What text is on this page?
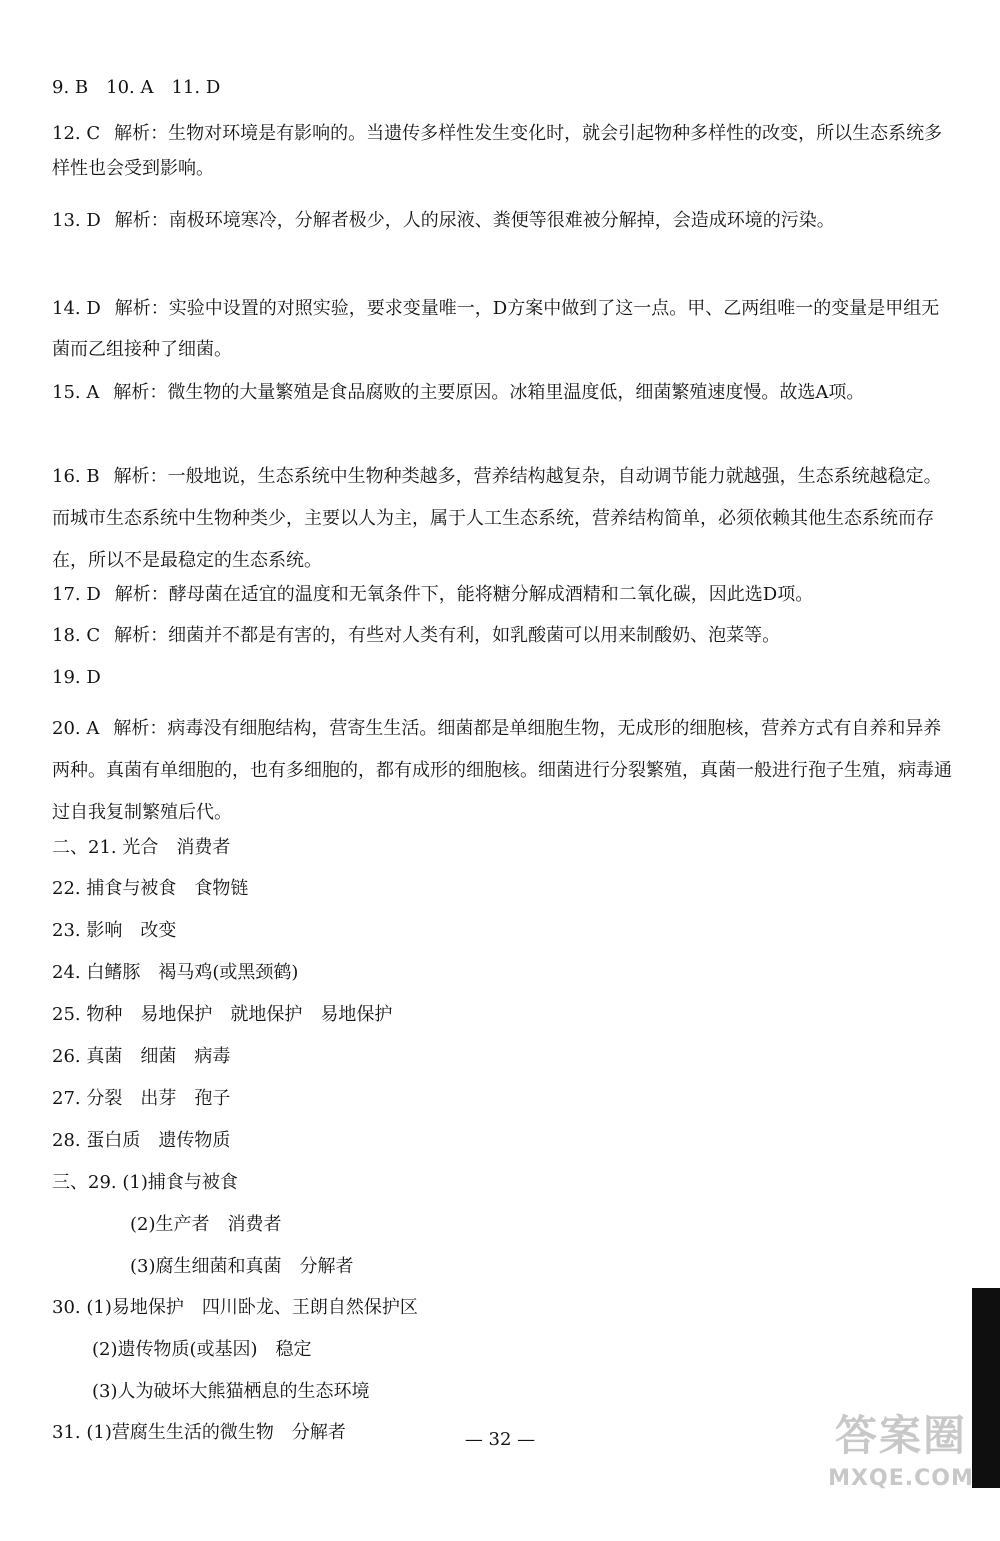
9. B　10. A　11. D
12. C 解析：生物对环境是有影响的。当遗传多样性发生变化时，就会引起物种多样性的改变，所以生态系统多样性也会受到影响。
13. D 解析：南极环境寒冷，分解者极少，人的尿液、粪便等很难被分解掉，会造成环境的污染。
14. D 解析：实验中设置的对照实验，要求变量唯一，D方案中做到了这一点。甲、乙两组唯一的变量是甲组无菌而乙组接种了细菌。
15. A 解析：微生物的大量繁殖是食品腐败的主要原因。冰箱里温度低，细菌繁殖速度慢。故选A项。
16. B 解析：一般地说，生态系统中生物种类越多，营养结构越复杂，自动调节能力就越强，生态系统越稳定。而城市生态系统中生物种类少，主要以人为主，属于人工生态系统，营养结构简单，必须依赖其他生态系统而存在，所以不是最稳定的生态系统。
17. D 解析：酵母菌在适宜的温度和无氧条件下，能将糖分解成酒精和二氧化碳，因此选D项。
18. C 解析：细菌并不都是有害的，有些对人类有利，如乳酸菌可以用来制酸奶、泡菜等。
19. D
20. A 解析：病毒没有细胞结构，营寄生生活。细菌都是单细胞生物，无成形的细胞核，营养方式有自养和异养两种。真菌有单细胞的，也有多细胞的，都有成形的细胞核。细菌进行分裂繁殖，真菌一般进行孢子生殖，病毒通过自我复制繁殖后代。
二、21. 光合　消费者
22. 捕食与被食　食物链
23. 影响　改变
24. 白鳍豚　褐马鸡(或黑颈鹤)
25. 物种　易地保护　就地保护　易地保护
26. 真菌　细菌　病毒
27. 分裂　出芽　孢子
28. 蛋白质　遗传物质
三、29. (1)捕食与被食
(2)生产者　消费者
(3)腐生细菌和真菌　分解者
30. (1)易地保护　四川卧龙、王朗自然保护区
(2)遗传物质(或基因)　稳定
(3)人为破坏大熊猫栖息的生态环境
31. (1)营腐生生活的微生物　分解者	— 32 —	答案圈
MXQE.COM
